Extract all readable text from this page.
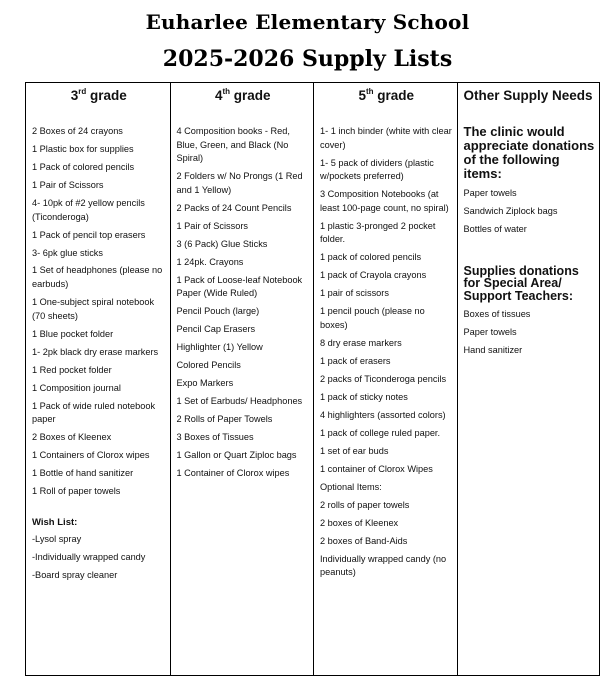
Euharlee Elementary School
2025-2026 Supply Lists
3rd grade
2 Boxes of 24 crayons
1 Plastic box for supplies
1 Pack of colored pencils
1 Pair of Scissors
4- 10pk of #2 yellow pencils
(Ticonderoga)
1 Pack of pencil top erasers
3- 6pk glue sticks
1 Set of headphones (please no earbuds)
1 One-subject spiral notebook
(70 sheets)
1 Blue pocket folder
1- 2pk black dry erase markers
1 Red pocket folder
1 Composition journal
1 Pack of wide ruled notebook
paper
2 Boxes of Kleenex
1 Containers of Clorox wipes
1 Bottle of hand sanitizer
1 Roll of paper towels
Wish List:
-Lysol spray
-Individually wrapped candy
-Board spray cleaner
4th grade
4 Composition books - Red, Blue, Green, and Black (No Spiral)
2 Folders w/ No Prongs (1 Red and 1 Yellow)
2 Packs of 24 Count Pencils
1 Pair of Scissors
3 (6 Pack) Glue Sticks
1 24pk. Crayons
1 Pack of Loose-leaf Notebook Paper (Wide Ruled)
Pencil Pouch (large)
Pencil Cap Erasers
Highlighter (1) Yellow
Colored Pencils
Expo Markers
1 Set of Earbuds/ Headphones
2 Rolls of Paper Towels
3 Boxes of Tissues
1 Gallon or Quart Ziploc bags
1 Container of Clorox wipes
5th grade
1- 1 inch binder (white with clear cover)
1- 5 pack of dividers (plastic w/pockets preferred)
3 Composition Notebooks (at least 100-page count, no spiral)
1 plastic 3-pronged 2 pocket folder.
1 pack of colored pencils
1 pack of Crayola crayons
1 pair of scissors
1 pencil pouch (please no boxes)
8 dry erase markers
1 pack of erasers
2 packs of Ticonderoga pencils
1 pack of sticky notes
4 highlighters (assorted colors)
1 pack of college ruled paper.
1 set of ear buds
1 container of Clorox Wipes
Optional Items:
2 rolls of paper towels
2 boxes of Kleenex
2 boxes of Band-Aids
Individually wrapped candy (no peanuts)
Other Supply Needs
The clinic would appreciate donations of the following items:
Paper towels
Sandwich Ziplock bags
Bottles of water
Supplies donations for Special Area/ Support Teachers:
Boxes of tissues
Paper towels
Hand sanitizer
